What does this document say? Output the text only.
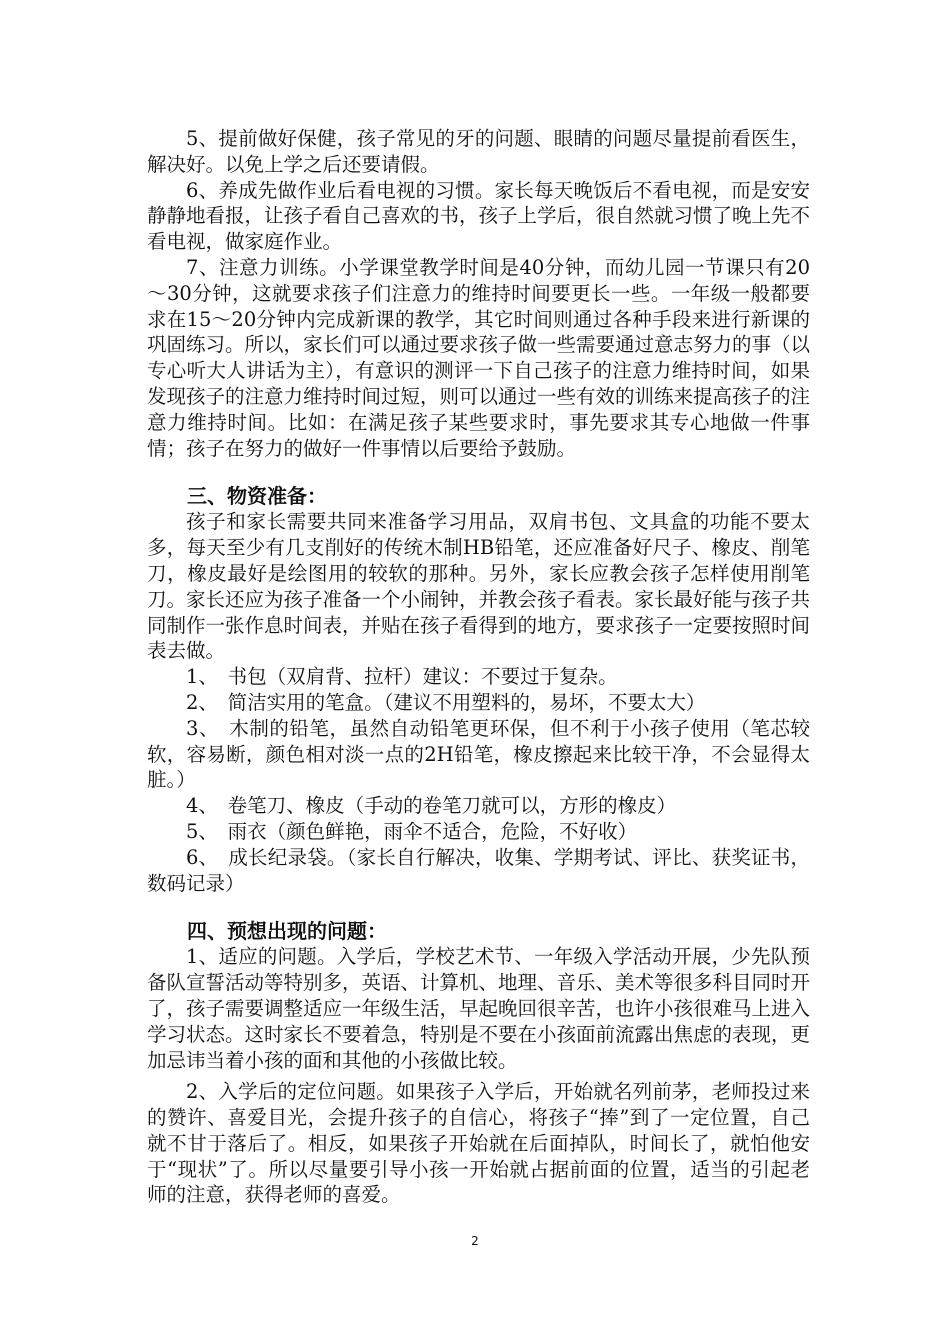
5、提前做好保健，孩子常见的牙的问题、眼睛的问题尽量提前看医生，解决好。以免上学之后还要请假。

6、养成先做作业后看电视的习惯。家长每天晚饭后不看电视，而是安安静静地看报，让孩子看自己喜欢的书，孩子上学后，很自然就习惯了晚上先不看电视，做家庭作业。

7、注意力训练。小学课堂教学时间是40分钟，而幼儿园一节课只有20～30分钟，这就要求孩子们注意力的维持时间要更长一些。一年级一般都要求在15～20分钟内完成新课的教学，其它时间则通过各种手段来进行新课的巩固练习。所以，家长们可以通过要求孩子做一些需要通过意志努力的事（以专心听大人讲话为主），有意识的测评一下自己孩子的注意力维持时间，如果发现孩子的注意力维持时间过短，则可以通过一些有效的训练来提高孩子的注意力维持时间。比如：在满足孩子某些要求时，事先要求其专心地做一件事情；孩子在努力的做好一件事情以后要给予鼓励。

三、物资准备：

孩子和家长需要共同来准备学习用品，双肩书包、文具盒的功能不要太多，每天至少有几支削好的传统木制HB铅笔，还应准备好尺子、橡皮、削笔刀，橡皮最好是绘图用的较软的那种。另外，家长应教会孩子怎样使用削笔刀。家长还应为孩子准备一个小闹钟，并教会孩子看表。家长最好能与孩子共同制作一张作息时间表，并贴在孩子看得到的地方，要求孩子一定要按照时间表去做。

1、　书包（双肩背、拉杆）建议：不要过于复杂。

2、　简洁实用的笔盒。（建议不用塑料的，易坏，不要太大）

3、　木制的铅笔，虽然自动铅笔更环保，但不利于小孩子使用（笔芯较软，容易断，颜色相对淡一点的2H铅笔，橡皮擦起来比较干净，不会显得太脏。）

4、　卷笔刀、橡皮（手动的卷笔刀就可以，方形的橡皮）

5、　雨衣（颜色鲜艳，雨伞不适合，危险，不好收）

6、　成长纪录袋。（家长自行解决，收集、学期考试、评比、获奖证书，数码记录）

四、预想出现的问题：

1、适应的问题。入学后，学校艺术节、一年级入学活动开展，少先队预备队宣誓活动等特别多，英语、计算机、地理、音乐、美术等很多科目同时开了，孩子需要调整适应一年级生活，早起晚回很辛苦，也许小孩很难马上进入学习状态。这时家长不要着急，特别是不要在小孩面前流露出焦虑的表现，更加忌讳当着小孩的面和其他的小孩做比较。

2、入学后的定位问题。如果孩子入学后，开始就名列前茅，老师投过来的赞许、喜爱目光，会提升孩子的自信心，将孩子“捧”到了一定位置，自己就不甘于落后了。相反，如果孩子开始就在后面掉队，时间长了，就怕他安于“现状”了。所以尽量要引导小孩一开始就占据前面的位置，适当的引起老师的注意，获得老师的喜爱。

2
